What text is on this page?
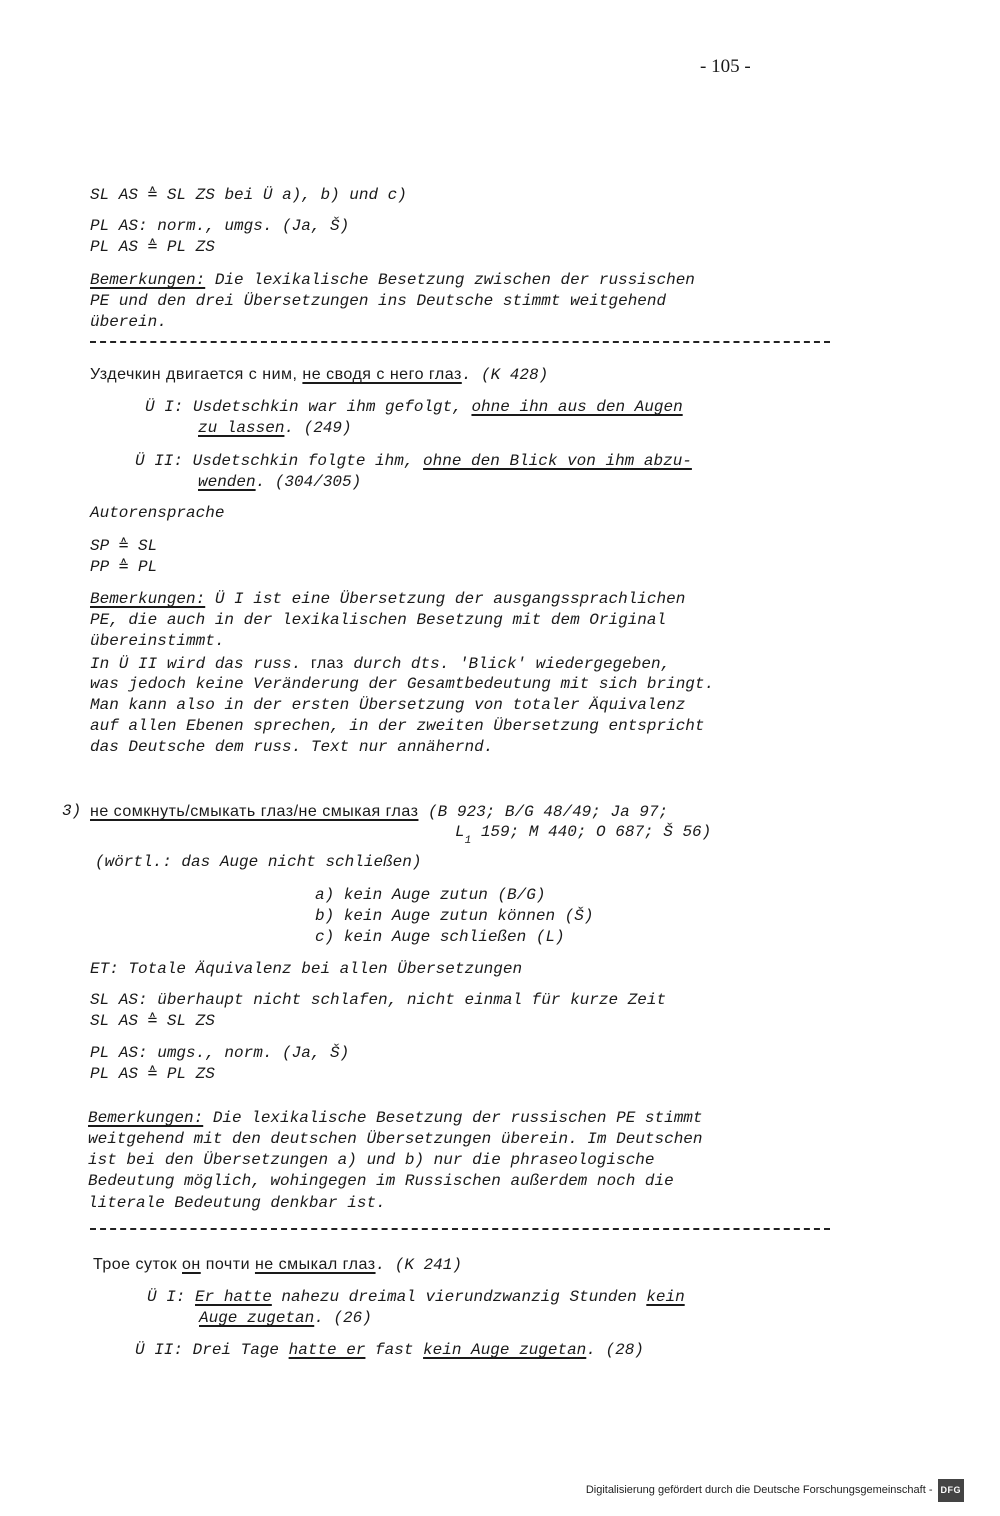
- 105 -
SL AS ≙ SL ZS bei Ü a), b) und c)
PL AS: norm., umgs. (Ja, Š)
PL AS ≙ PL ZS
Bemerkungen: Die lexikalische Besetzung zwischen der russischen
PE und den drei Übersetzungen ins Deutsche stimmt weitgehend
überein.
Уздечкин двигается с ним, не сводя с него глаз. (K 428)
Ü I: Usdetschkin war ihm gefolgt, ohne ihn aus den Augen
zu lassen. (249)
Ü II: Usdetschkin folgte ihm, ohne den Blick von ihm abzu-
wenden. (304/305)
Autorensprache
SP ≙ SL
PP ≙ PL
Bemerkungen: Ü I ist eine Übersetzung der ausgangssprachlichen
PE, die auch in der lexikalischen Besetzung mit dem Original
übereinstimmt.
In Ü II wird das russ. глаз durch dts. 'Blick' wiedergegeben,
was jedoch keine Veränderung der Gesamtbedeutung mit sich bringt.
Man kann also in der ersten Übersetzung von totaler Äquivalenz
auf allen Ebenen sprechen, in der zweiten Übersetzung entspricht
das Deutsche dem russ. Text nur annähernd.
3) не сомкнуть/смыкать глаз/не смыкая глаз (B 923; B/G 48/49; Ja 97;
$L_1$ 159; M 440; O 687; Š 56)
(wörtl.: das Auge nicht schließen)
a) kein Auge zutun (B/G)
b) kein Auge zutun können (Š)
c) kein Auge schließen (L)
ET: Totale Äquivalenz bei allen Übersetzungen
SL AS: überhaupt nicht schlafen, nicht einmal für kurze Zeit
SL AS ≙ SL ZS
PL AS: umgs., norm. (Ja, Š)
PL AS ≙ PL ZS
Bemerkungen: Die lexikalische Besetzung der russischen PE stimmt
weitgehend mit den deutschen Übersetzungen überein. Im Deutschen
ist bei den Übersetzungen a) und b) nur die phraseologische
Bedeutung möglich, wohingegen im Russischen außerdem noch die
literale Bedeutung denkbar ist.
Трое суток он почти не смыкал глаз. (K 241)
Ü I: Er hatte nahezu dreimal vierundzwanzig Stunden kein
Auge zugetan. (26)
Ü II: Drei Tage hatte er fast kein Auge zugetan. (28)
Digitalisierung gefördert durch die Deutsche Forschungsgemeinschaft - DFG
